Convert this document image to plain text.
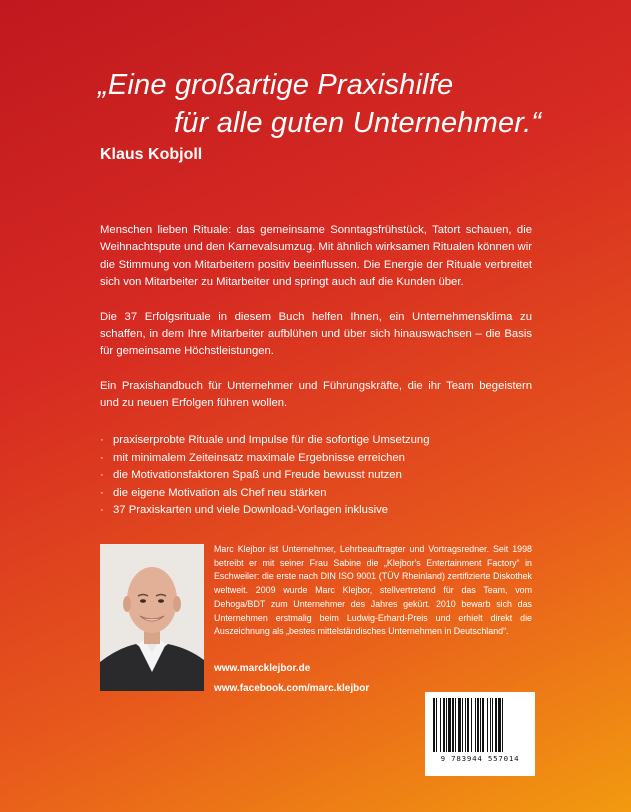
„Eine großartige Praxishilfe
für alle guten Unternehmer.“
Klaus Kobjoll

Menschen lieben Rituale: das gemeinsame Sonntagsfrühstück, Tatort schauen, die Weihnachtspute und den Karnevalsumzug. Mit ähnlich wirksamen Ritualen können wir die Stimmung von Mitarbeitern positiv beeinflussen. Die Energie der Rituale verbreitet sich von Mitarbeiter zu Mitarbeiter und springt auch auf die Kunden über.

Die 37 Erfolgsrituale in diesem Buch helfen Ihnen, ein Unternehmensklima zu schaffen, in dem Ihre Mitarbeiter aufblühen und über sich hinauswachsen – die Basis für gemeinsame Höchstleistungen.

Ein Praxishandbuch für Unternehmer und Führungskräfte, die ihr Team begeistern und zu neuen Erfolgen führen wollen.

· praxiserprobte Rituale und Impulse für die sofortige Umsetzung
· mit minimalem Zeiteinsatz maximale Ergebnisse erreichen
· die Motivationsfaktoren Spaß und Freude bewusst nutzen
· die eigene Motivation als Chef neu stärken
· 37 Praxiskarten und viele Download-Vorlagen inklusive
Marc Klejbor ist Unternehmer, Lehrbeauftragter und Vortragsredner. Seit 1998 betreibt er mit seiner Frau Sabine die „Klejbor's Entertainment Factory“ in Eschweiler: die erste nach DIN ISO 9001 (TÜV Rheinland) zertifizierte Diskothek weltweit. 2009 wurde Marc Klejbor, stellvertretend für das Team, vom Dehoga/BDT zum Unternehmer des Jahres gekürt. 2010 bewarb sich das Unternehmen erstmalig beim Ludwig-Erhard-Preis und erhielt direkt die Auszeichnung als „bestes mittelständisches Unternehmen in Deutschland“.
www.marcklejbor.de
www.facebook.com/marc.klejbor
9 783944 557014
